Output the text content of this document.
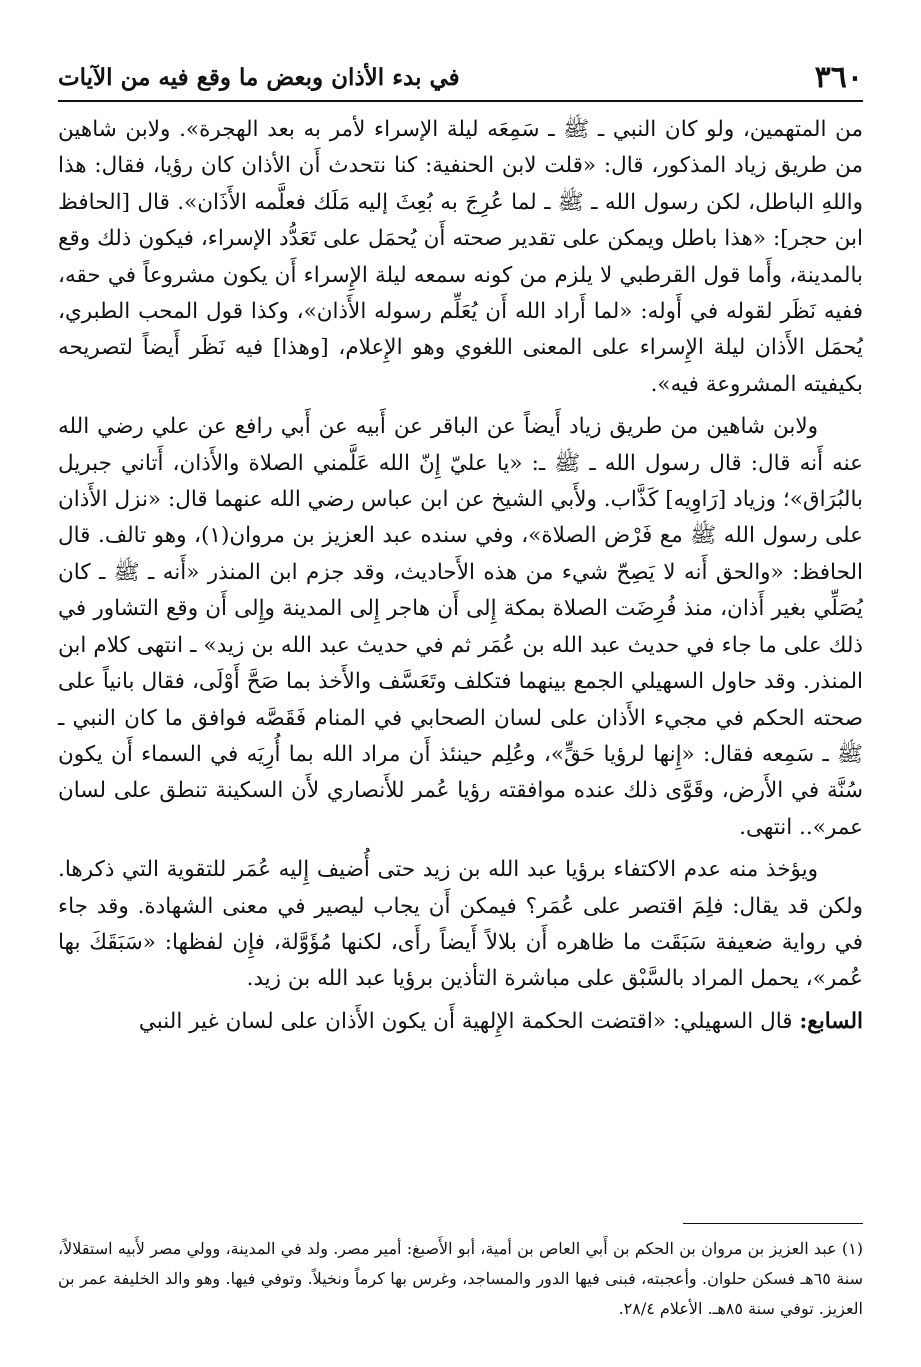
٣٦٠
في بدء الأذان وبعض ما وقع فيه من الآيات

من المتهمين، ولو كان النبي ـ ﷺ ـ سَمِعَه ليلة الإسراء لأمر به بعد الهجرة». ولابن شاهين من طريق زياد المذكور، قال: «قلت لابن الحنفية: كنا نتحدث أَن الأذان كان رؤيا، فقال: هذا واللهِ الباطل، لكن رسول الله ـ ﷺ ـ لما عُرِجَ به بُعِثَ إليه مَلَك فعلَّمه الأَذَان». قال [الحافظ ابن حجر]: «هذا باطل ويمكن على تقدير صحته أَن يُحمَل على تَعَدُّد الإسراء، فيكون ذلك وقع بالمدينة، وأَما قول القرطبي لا يلزم من كونه سمعه ليلة الإِسراء أَن يكون مشروعاً في حقه، ففيه نَظَر لقوله في أَوله: «لما أَراد الله أَن يُعَلِّم رسوله الأَذان»، وكذا قول المحب الطبري، يُحمَل الأَذان ليلة الإِسراء على المعنى اللغوي وهو الإِعلام، [وهذا] فيه نَظَر أَيضاً لتصريحه بكيفيته المشروعة فيه».

ولابن شاهين من طريق زياد أَيضاً عن الباقر عن أَبيه عن أَبي رافع عن علي رضي الله عنه أَنه قال: قال رسول الله ـ ﷺ ـ: «يا عليّ إِنّ الله عَلَّمني الصلاة والأَذان، أَتاني جبريل بالبُرَاق»؛ وزياد [رَاوِيه] كَذَّاب. ولأَبي الشيخ عن ابن عباس رضي الله عنهما قال: «نزل الأَذان على رسول الله ﷺ مع فَرْض الصلاة»، وفي سنده عبد العزيز بن مروان(١)، وهو تالف. قال الحافظ: «والحق أَنه لا يَصِحّ شيء من هذه الأَحاديث، وقد جزم ابن المنذر «أَنه ـ ﷺ ـ كان يُصَلِّي بغير أَذان، منذ فُرِضَت الصلاة بمكة إِلى أَن هاجر إِلى المدينة وإِلى أَن وقع التشاور في ذلك على ما جاء في حديث عبد الله بن عُمَر ثم في حديث عبد الله بن زيد» ـ انتهى كلام ابن المنذر. وقد حاول السهيلي الجمع بينهما فتكلف وتَعَسَّف والأَخذ بما صَحَّ أَوْلَى، فقال بانياً على صحته الحكم في مجيء الأَذان على لسان الصحابي في المنام فَقَصَّه فوافق ما كان النبي ـ ﷺ ـ سَمِعه فقال: «إِنها لرؤيا حَقٍّ»، وعُلِم حينئذ أَن مراد الله بما أُرِيَه في السماء أَن يكون سُنَّة في الأَرض، وقَوَّى ذلك عنده موافقته رؤيا عُمر للأَنصاري لأَن السكينة تنطق على لسان عمر».. انتهى.

ويؤخذ منه عدم الاكتفاء برؤيا عبد الله بن زيد حتى أُضيف إِليه عُمَر للتقوية التي ذكرها. ولكن قد يقال: فلِمَ اقتصر على عُمَر؟ فيمكن أَن يجاب ليصير في معنى الشهادة. وقد جاء في رواية ضعيفة سَبَقَت ما ظاهره أَن بلالاً أَيضاً رأَى، لكنها مُؤَوَّلة، فإِن لفظها: «سَبَقَكَ بها عُمر»، يحمل المراد بالسَّبْق على مباشرة التأذين برؤيا عبد الله بن زيد.

السابع: قال السهيلي: «اقتضت الحكمة الإِلهية أَن يكون الأَذان على لسان غير النبي

(١) عبد العزيز بن مروان بن الحكم بن أَبي العاص بن أمية، أبو الأَصبغ: أمير مصر. ولد في المدينة، وولي مصر لأَبيه استقلالاً، سنة ٦٥هـ فسكن حلوان. وأعجبته، فبنى فيها الدور والمساجد، وغرس بها كرماً ونخيلاً. وتوفي فيها. وهو والد الخليفة عمر بن العزيز. توفي سنة ٨٥هـ. الأعلام ٢٨/٤.
